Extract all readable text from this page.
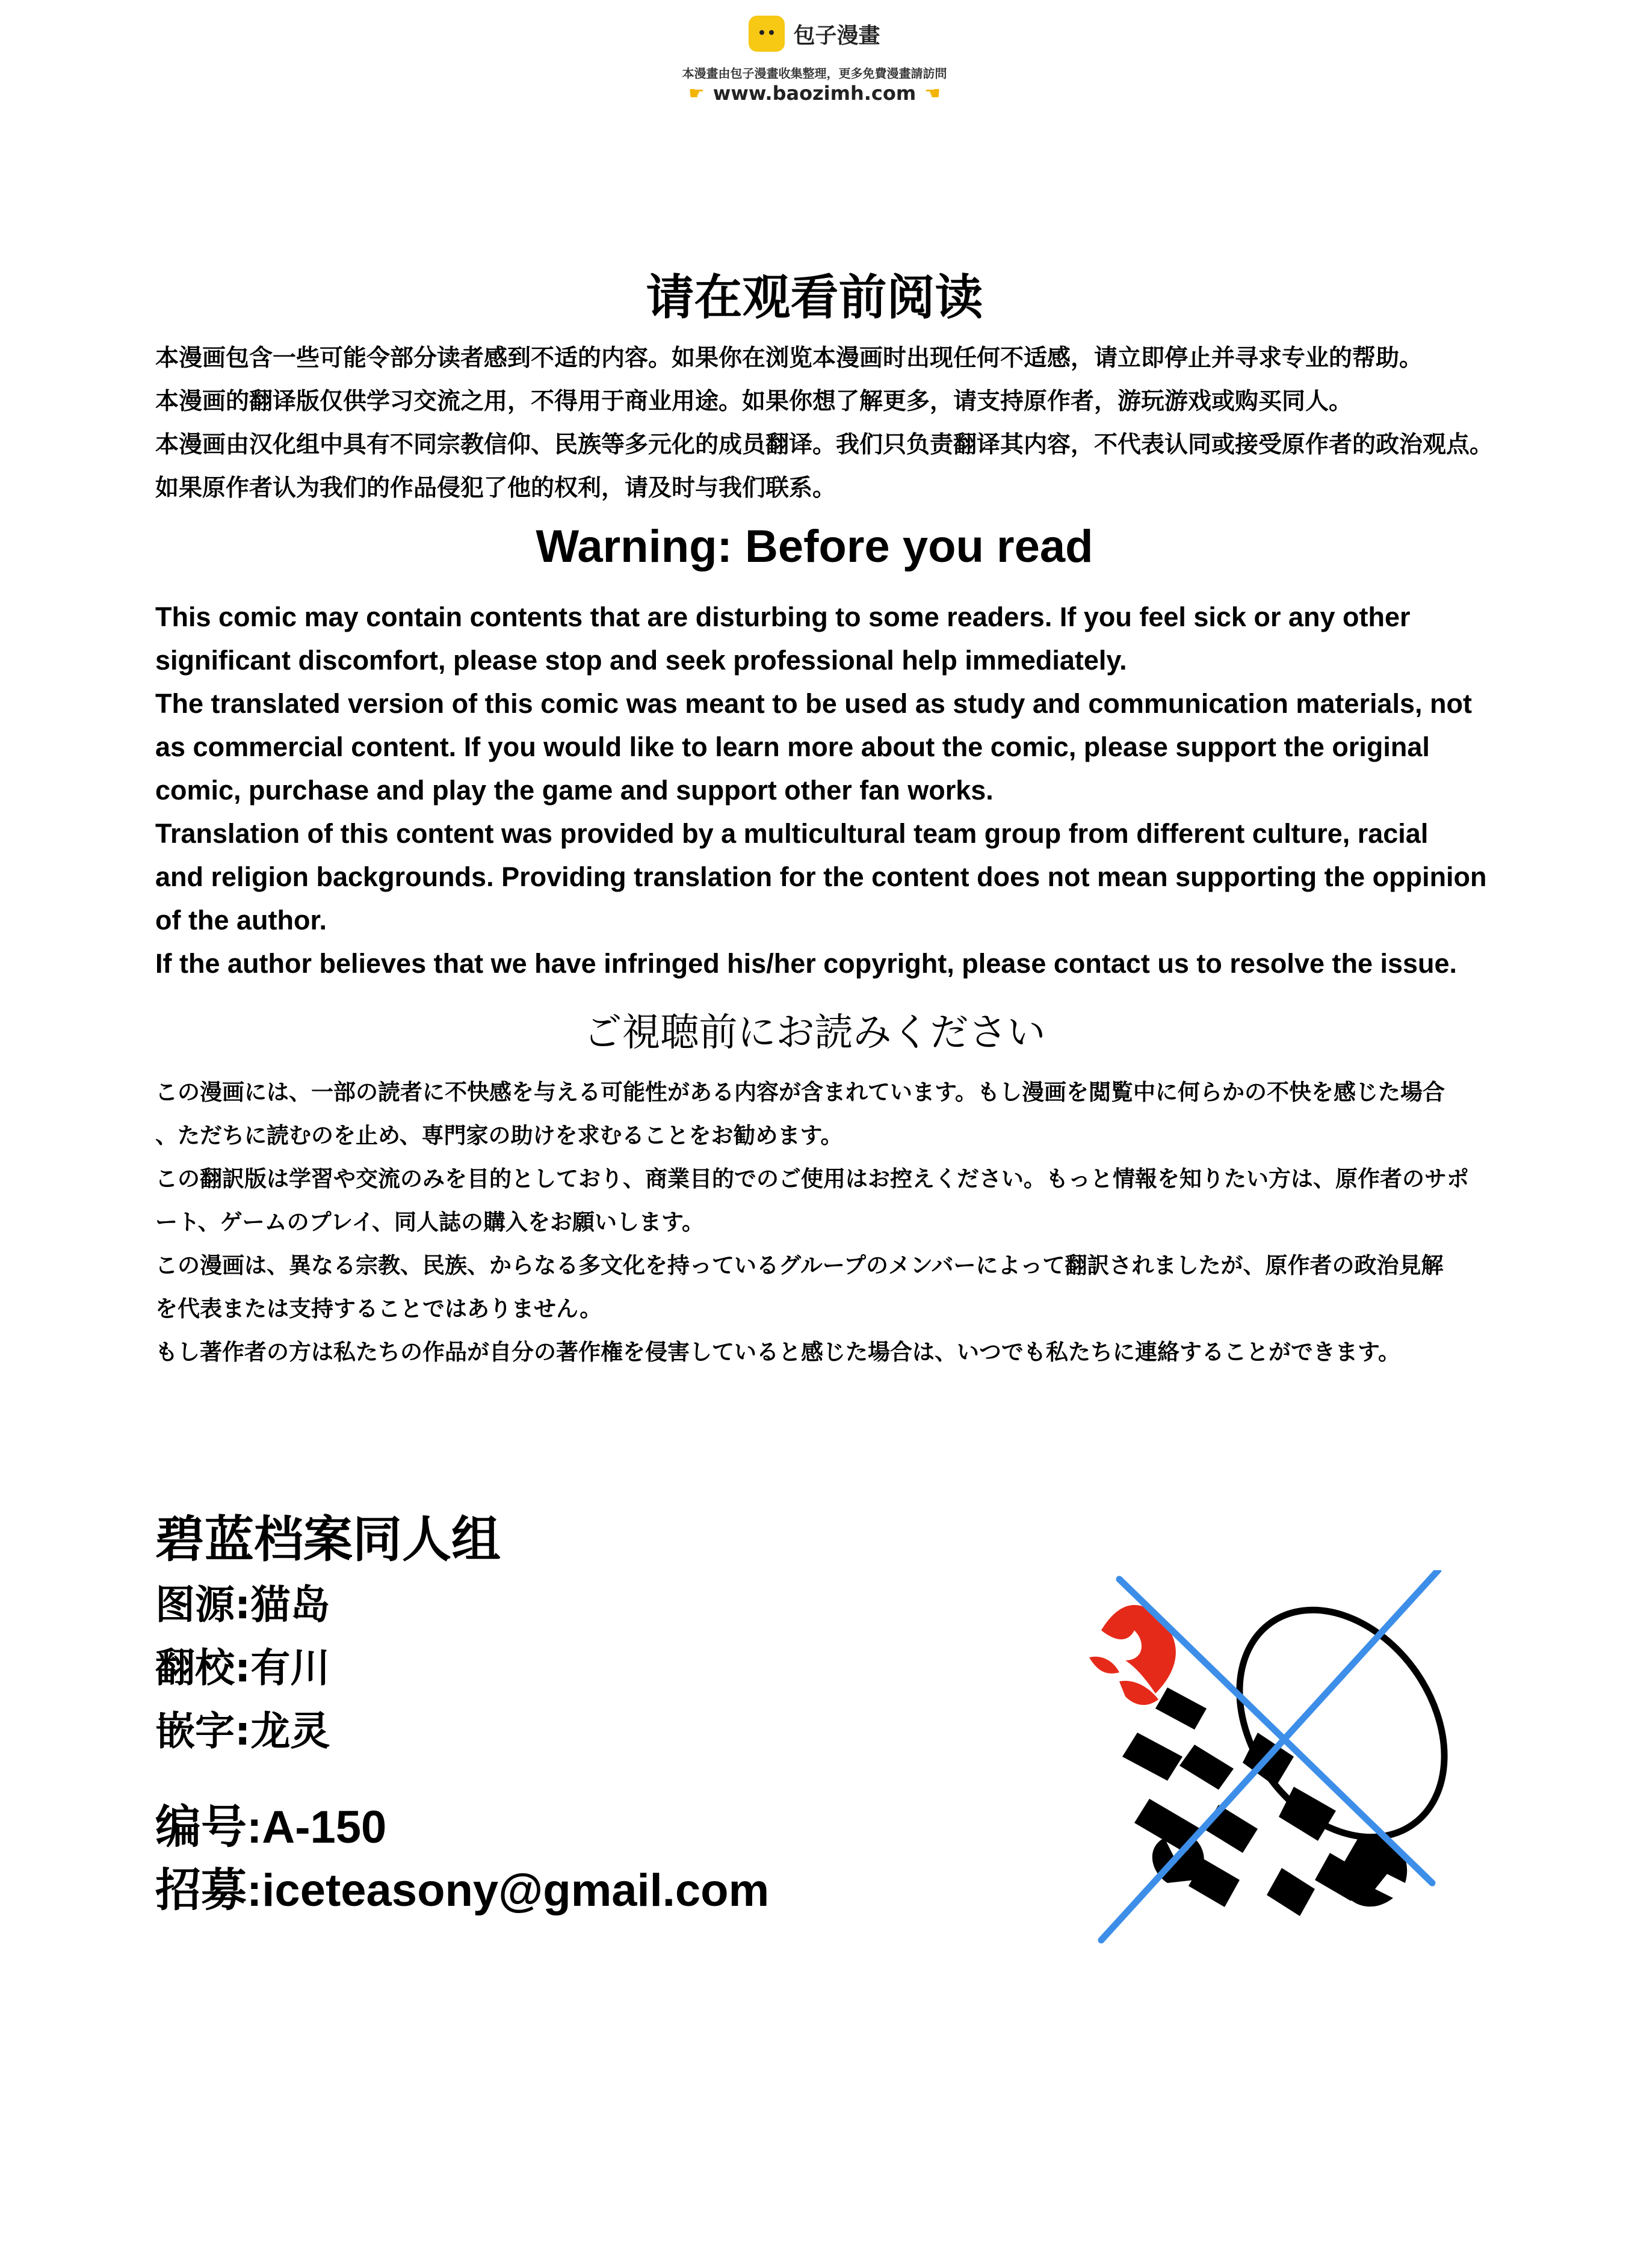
包子漫畫
本漫畫由包子漫畫收集整理，更多免費漫畫請訪問
☛ www.baozimh.com ☚
请在观看前阅读
本漫画包含一些可能令部分读者感到不适的内容。如果你在浏览本漫画时出现任何不适感，请立即停止并寻求专业的帮助。
本漫画的翻译版仅供学习交流之用，不得用于商业用途。如果你想了解更多，请支持原作者，游玩游戏或购买同人。
本漫画由汉化组中具有不同宗教信仰、民族等多元化的成员翻译。我们只负责翻译其内容，不代表认同或接受原作者的政治观点。
如果原作者认为我们的作品侵犯了他的权利，请及时与我们联系。
Warning: Before you read
This comic may contain contents that are disturbing to some readers. If you feel sick or any other
significant discomfort, please stop and seek professional help immediately.
The translated version of this comic was meant to be used as study and communication materials, not
as commercial content. If you would like to learn more about the comic, please support the original
comic, purchase and play the game and support other fan works.
Translation of this content was provided by a multicultural team group from different culture, racial
and religion backgrounds. Providing translation for the content does not mean supporting the oppinion
of the author.
If the author believes that we have infringed his/her copyright, please contact us to resolve the issue.
ご視聴前にお読みください
この漫画には、一部の読者に不快感を与える可能性がある内容が含まれています。もし漫画を閲覧中に何らかの不快を感じた場合
、ただちに読むのを止め、専門家の助けを求むることをお勧めます。
この翻訳版は学習や交流のみを目的としており、商業目的でのご使用はお控えください。もっと情報を知りたい方は、原作者のサポ
ート、ゲームのプレイ、同人誌の購入をお願いします。
この漫画は、異なる宗教、民族、からなる多文化を持っているグループのメンバーによって翻訳されましたが、原作者の政治見解
を代表または支持することではありません。
もし著作者の方は私たちの作品が自分の著作権を侵害していると感じた場合は、いつでも私たちに連絡することができます。
碧蓝档案同人组
图源:猫岛
翻校:有川
嵌字:龙灵
编号:A-150
招募:iceteasony@gmail.com
